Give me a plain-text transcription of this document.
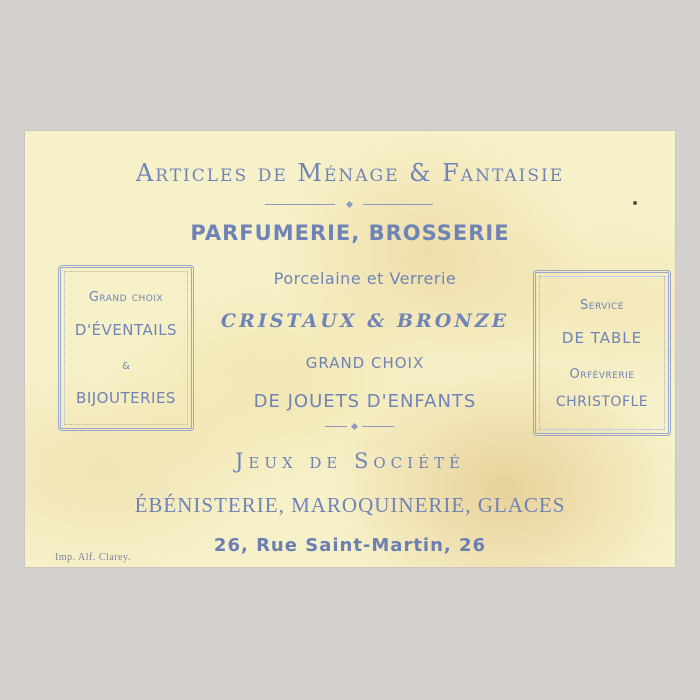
Articles de Ménage & Fantaisie
PARFUMERIE, BROSSERIE
Grand choix
D'ÉVENTAILS
&
BIJOUTERIES
Porcelaine et Verrerie
CRISTAUX & BRONZE
GRAND CHOIX
DE JOUETS D'ENFANTS
Service
DE TABLE
Orfèvrerie
CHRISTOFLE
Jeux de Société
ÉBÉNISTERIE, MAROQUINERIE, GLACES
26, Rue Saint-Martin, 26
Imp. Alf. Clarey.
